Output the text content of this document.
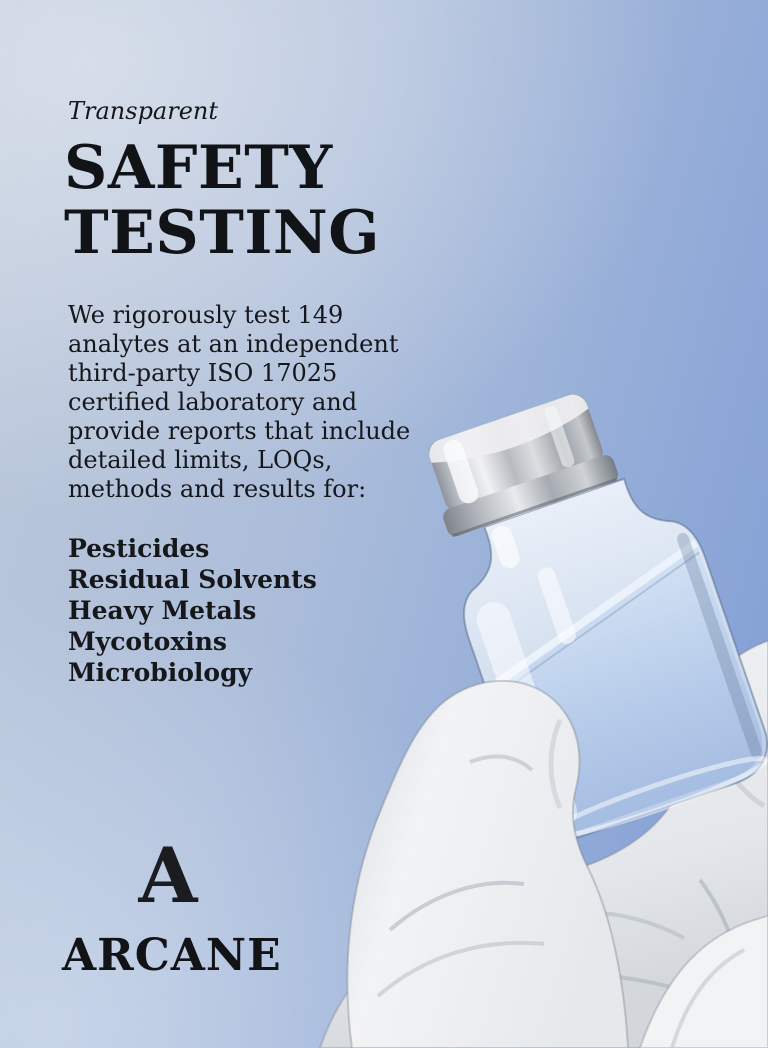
Transparent
SAFETY
TESTING
We rigorously test 149
analytes at an independent
third-party ISO 17025
certified laboratory and
provide reports that include
detailed limits, LOQs,
methods and results for:
Pesticides
Residual Solvents
Heavy Metals
Mycotoxins
Microbiology
A
ARCANE
